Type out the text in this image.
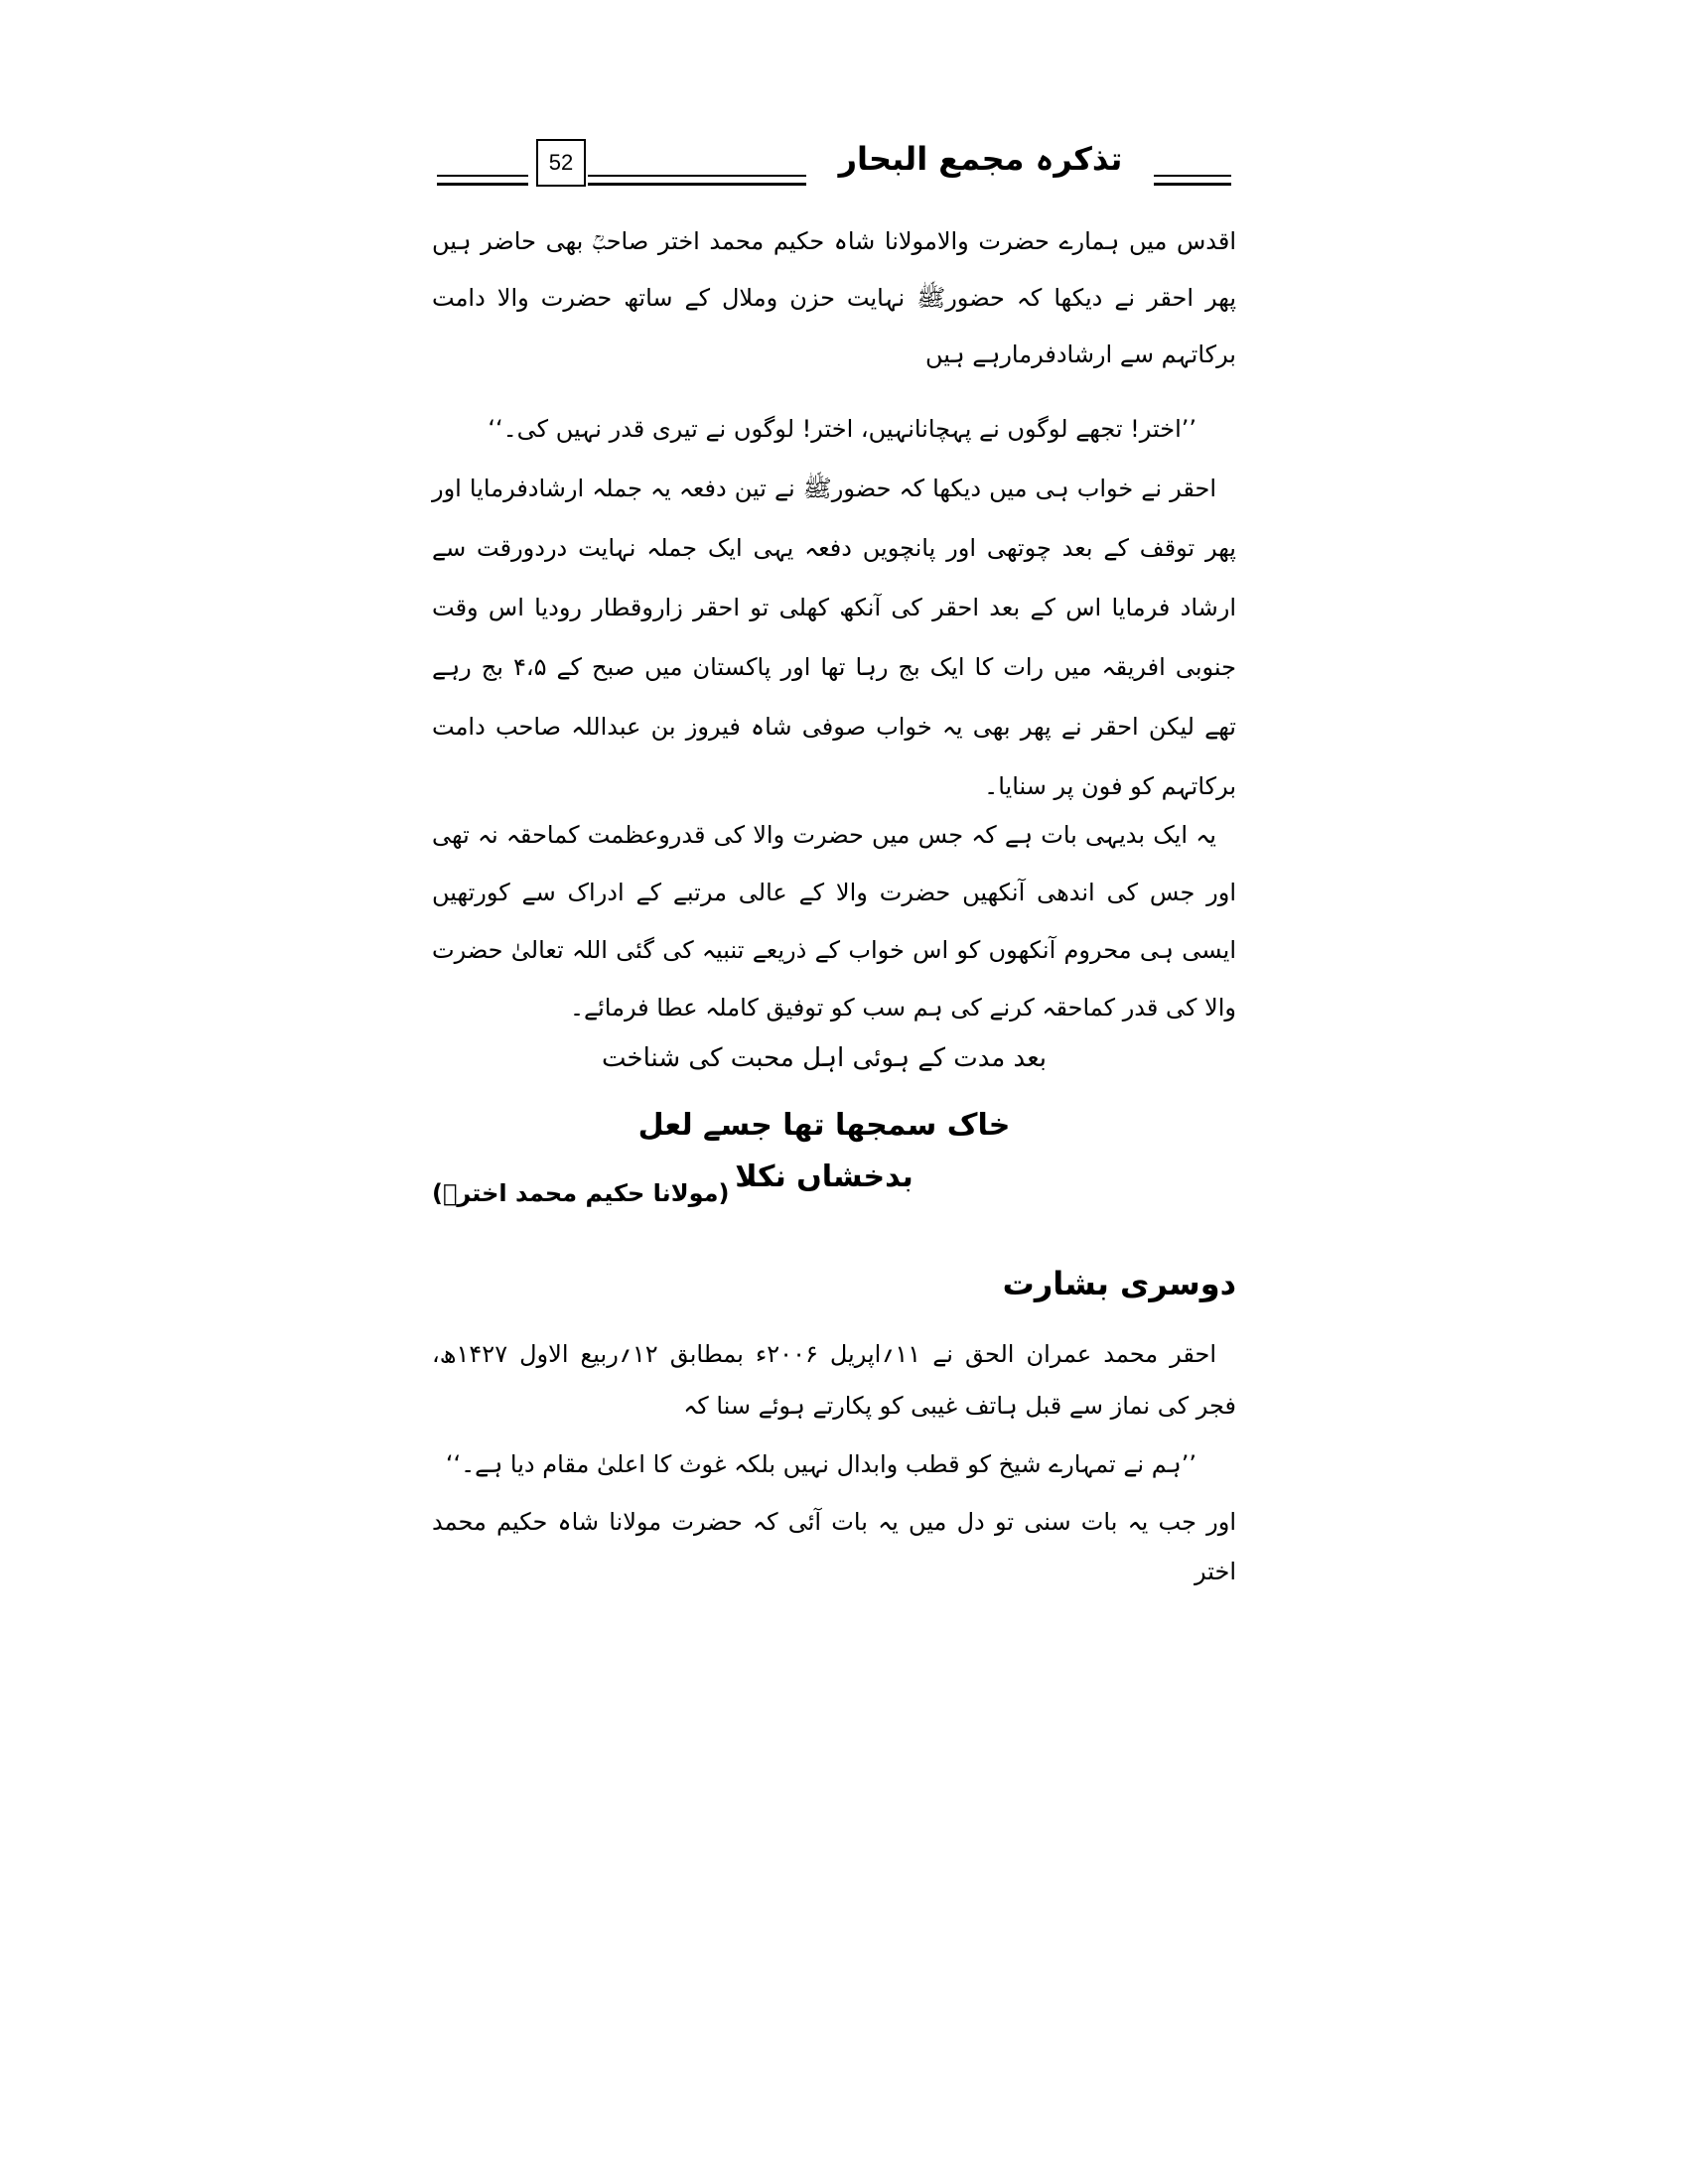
52	تذکرہ مجمع البحار

اقدس میں ہمارے حضرت والامولانا شاہ حکیم محمد اختر صاحبؒ بھی حاضر ہیں پھر احقر نے دیکھا کہ حضورﷺ نہایت حزن وملال کے ساتھ حضرت والا دامت برکاتہم سے ارشادفرمارہے ہیں

’’اختر! تجھے لوگوں نے پہچانانہیں، اختر! لوگوں نے تیری قدر نہیں کی۔‘‘

احقر نے خواب ہی میں دیکھا کہ حضورﷺ نے تین دفعہ یہ جملہ ارشادفرمایا اور پھر توقف کے بعد چوتھی اور پانچویں دفعہ یہی ایک جملہ نہایت دردورقت سے ارشاد فرمایا اس کے بعد احقر کی آنکھ کھلی تو احقر زاروقطار رودیا اس وقت جنوبی افریقہ میں رات کا ایک بج رہا تھا اور پاکستان میں صبح کے ۴،۵ بج رہے تھے لیکن احقر نے پھر بھی یہ خواب صوفی شاہ فیروز بن عبداللہ صاحب دامت برکاتہم کو فون پر سنایا۔

یہ ایک بدیہی بات ہے کہ جس میں حضرت والا کی قدروعظمت کماحقہ نہ تھی اور جس کی اندھی آنکھیں حضرت والا کے عالی مرتبے کے ادراک سے کورتھیں ایسی ہی محروم آنکھوں کو اس خواب کے ذریعے تنبیہ کی گئی اللہ تعالیٰ حضرت والا کی قدر کماحقہ کرنے کی ہم سب کو توفیق کاملہ عطا فرمائے۔

بعد مدت کے ہوئی اہل محبت کی شناخت
خاک سمجھا تھا جسے لعل بدخشاں نکلا
(مولانا حکیم محمد اخترؒ)
دوسری بشارت

احقر محمد عمران الحق نے ۱۱؍اپریل ۲۰۰۶ء بمطابق ۱۲؍ربیع الاول ۱۴۲۷ھ، فجر کی نماز سے قبل ہاتف غیبی کو پکارتے ہوئے سنا کہ

’’ہم نے تمہارے شیخ کو قطب وابدال نہیں بلکہ غوث کا اعلیٰ مقام دیا ہے۔‘‘

اور جب یہ بات سنی تو دل میں یہ بات آئی کہ حضرت مولانا شاہ حکیم محمد اختر
